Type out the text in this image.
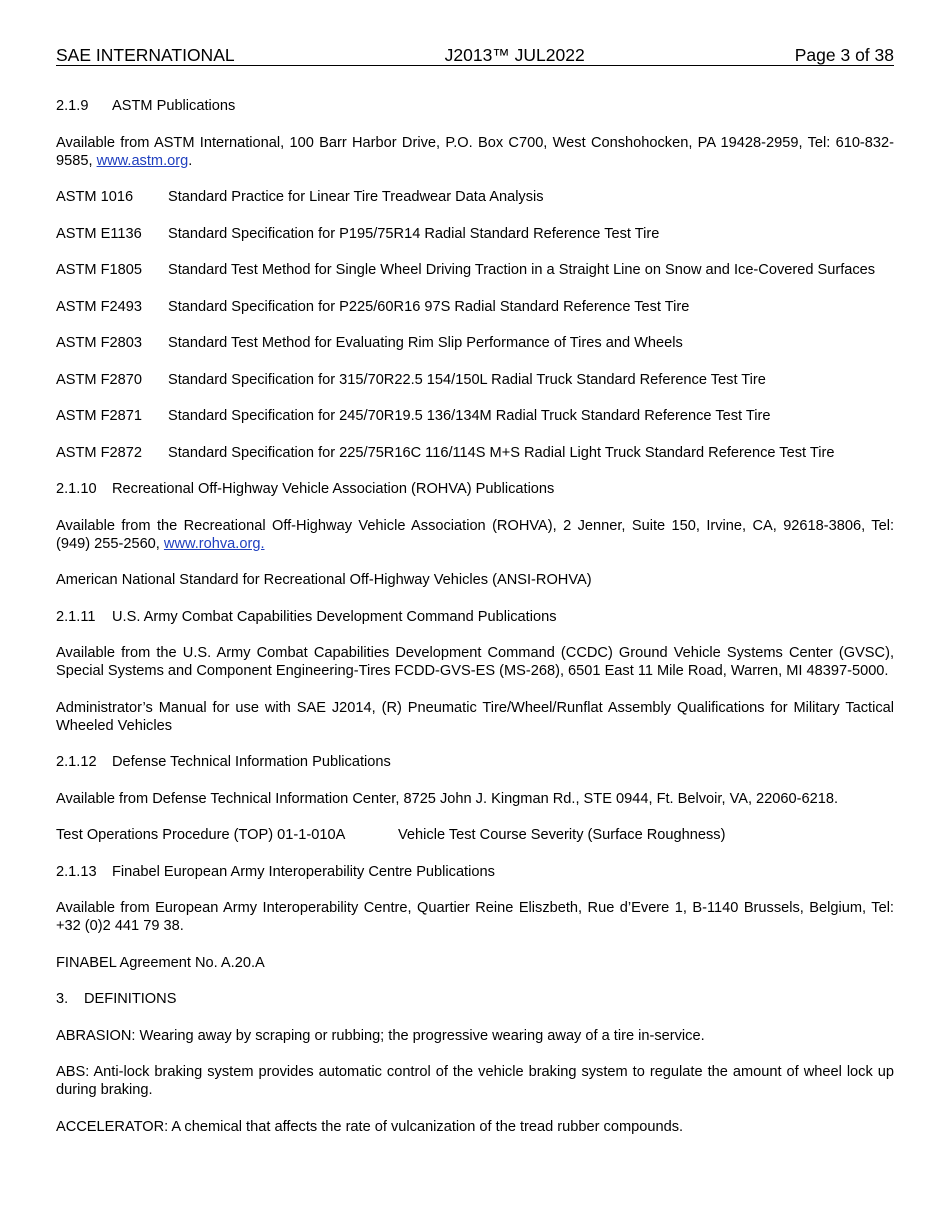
SAE INTERNATIONAL	J2013™ JUL2022	Page 3 of 38
2.1.9 ASTM Publications

Available from ASTM International, 100 Barr Harbor Drive, P.O. Box C700, West Conshohocken, PA 19428-2959, Tel: 610-832-9585, www.astm.org.

ASTM 1016	Standard Practice for Linear Tire Treadwear Data Analysis
ASTM E1136	Standard Specification for P195/75R14 Radial Standard Reference Test Tire
ASTM F1805	Standard Test Method for Single Wheel Driving Traction in a Straight Line on Snow and Ice-Covered Surfaces
ASTM F2493	Standard Specification for P225/60R16 97S Radial Standard Reference Test Tire
ASTM F2803	Standard Test Method for Evaluating Rim Slip Performance of Tires and Wheels
ASTM F2870	Standard Specification for 315/70R22.5 154/150L Radial Truck Standard Reference Test Tire
ASTM F2871	Standard Specification for 245/70R19.5 136/134M Radial Truck Standard Reference Test Tire
ASTM F2872	Standard Specification for 225/75R16C 116/114S M+S Radial Light Truck Standard Reference Test Tire
2.1.10 Recreational Off-Highway Vehicle Association (ROHVA) Publications

Available from the Recreational Off-Highway Vehicle Association (ROHVA), 2 Jenner, Suite 150, Irvine, CA, 92618-3806, Tel: (949) 255-2560, www.rohva.org.

American National Standard for Recreational Off-Highway Vehicles (ANSI-ROHVA)

2.1.11 U.S. Army Combat Capabilities Development Command Publications

Available from the U.S. Army Combat Capabilities Development Command (CCDC) Ground Vehicle Systems Center (GVSC), Special Systems and Component Engineering-Tires FCDD-GVS-ES (MS-268), 6501 East 11 Mile Road, Warren, MI 48397-5000.

Administrator’s Manual for use with SAE J2014, (R) Pneumatic Tire/Wheel/Runflat Assembly Qualifications for Military Tactical Wheeled Vehicles

2.1.12 Defense Technical Information Publications

Available from Defense Technical Information Center, 8725 John J. Kingman Rd., STE 0944, Ft. Belvoir, VA, 22060-6218.

Test Operations Procedure (TOP) 01-1-010A	Vehicle Test Course Severity (Surface Roughness)
2.1.13 Finabel European Army Interoperability Centre Publications

Available from European Army Interoperability Centre, Quartier Reine Eliszbeth, Rue d’Evere 1, B-1140 Brussels, Belgium, Tel: +32 (0)2 441 79 38.

FINABEL Agreement No. A.20.A

3. DEFINITIONS

ABRASION: Wearing away by scraping or rubbing; the progressive wearing away of a tire in-service.

ABS: Anti-lock braking system provides automatic control of the vehicle braking system to regulate the amount of wheel lock up during braking.

ACCELERATOR: A chemical that affects the rate of vulcanization of the tread rubber compounds.
